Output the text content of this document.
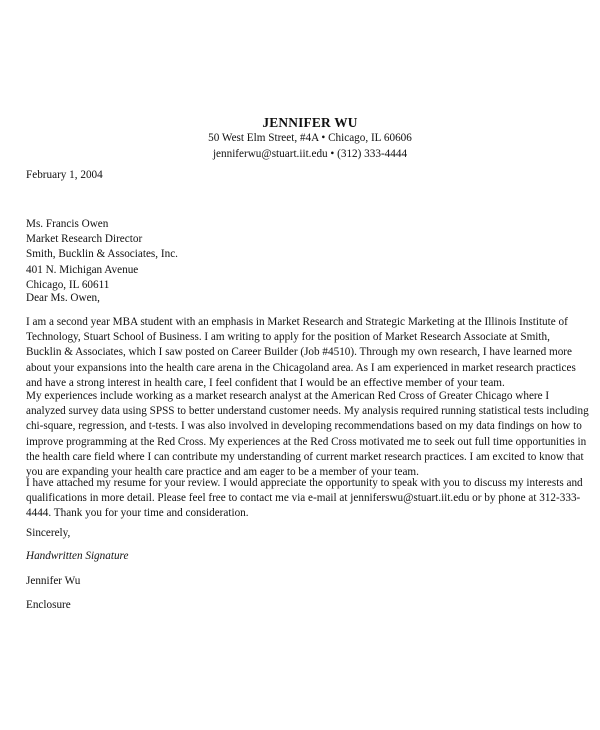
JENNIFER WU
50 West Elm Street, #4A • Chicago, IL 60606
jenniferwu@stuart.iit.edu • (312) 333-4444
February 1, 2004
Ms. Francis Owen
Market Research Director
Smith, Bucklin & Associates, Inc.
401 N. Michigan Avenue
Chicago, IL 60611
Dear Ms. Owen,
I am a second year MBA student with an emphasis in Market Research and Strategic Marketing at the Illinois Institute of
Technology, Stuart School of Business. I am writing to apply for the position of Market Research Associate at Smith,
Bucklin & Associates, which I saw posted on Career Builder (Job #4510). Through my own research, I have learned more
about your expansions into the health care arena in the Chicagoland area. As I am experienced in market research practices
and have a strong interest in health care, I feel confident that I would be an effective member of your team.
My experiences include working as a market research analyst at the American Red Cross of Greater Chicago where I
analyzed survey data using SPSS to better understand customer needs. My analysis required running statistical tests including
chi-square, regression, and t-tests. I was also involved in developing recommendations based on my data findings on how to
improve programming at the Red Cross. My experiences at the Red Cross motivated me to seek out full time opportunities in
the health care field where I can contribute my understanding of current market research practices. I am excited to know that
you are expanding your health care practice and am eager to be a member of your team.
I have attached my resume for your review. I would appreciate the opportunity to speak with you to discuss my interests and
qualifications in more detail. Please feel free to contact me via e-mail at jenniferswu@stuart.iit.edu or by phone at 312-333-
4444. Thank you for your time and consideration.
Sincerely,
Handwritten Signature
Jennifer Wu
Enclosure
